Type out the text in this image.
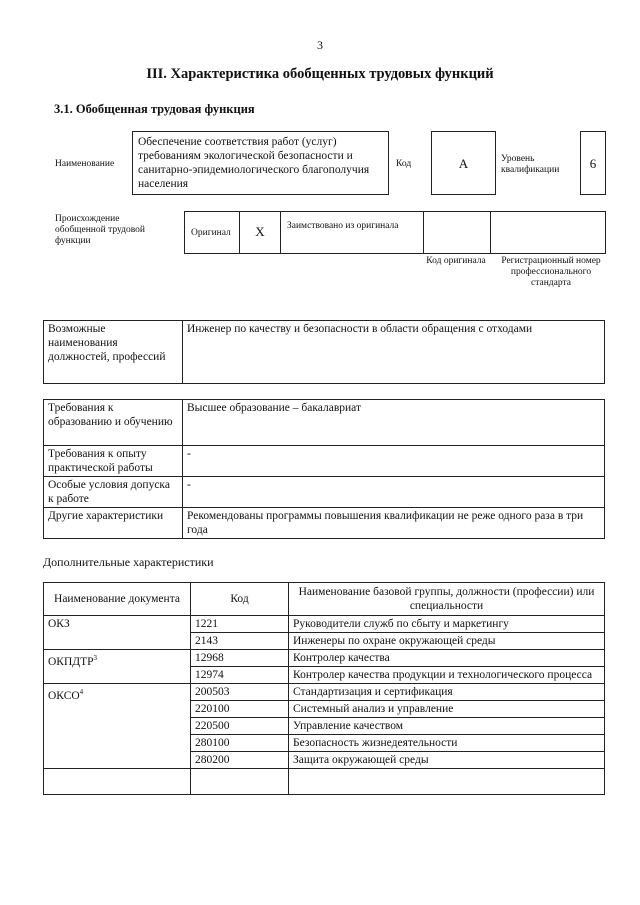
3
III. Характеристика обобщенных трудовых функций
3.1. Обобщенная трудовая функция
Наименование
Обеспечение соответствия работ (услуг) требованиям экологической безопасности и санитарно-эпидемиологического благополучия населения
Код	A	Уровень квалификации	6
Происхождение обобщенной трудовой функции
Оригинал	X	Заимствовано из оригинала
Код оригинала	Регистрационный номер профессионального стандарта
Возможные наименования должностей, профессий	Инженер по качеству и безопасности в области обращения с отходами
Требования к образованию и обучению	Высшее образование – бакалавриат
Требования к опыту практической работы	-
Особые условия допуска к работе	-
Другие характеристики	Рекомендованы программы повышения квалификации не реже одного раза в три года
Дополнительные характеристики
Наименование документа	Код	Наименование базовой группы, должности (профессии) или специальности
ОКЗ	1221	Руководители служб по сбыту и маркетингу
	2143	Инженеры по охране окружающей среды
ОКПДТР$^3$	12968	Контролер качества
	12974	Контролер качества продукции и технологического процесса
ОКСО$^4$	200503	Стандартизация и сертификация
	220100	Системный анализ и управление
	220500	Управление качеством
	280100	Безопасность жизнедеятельности
	280200	Защита окружающей среды
